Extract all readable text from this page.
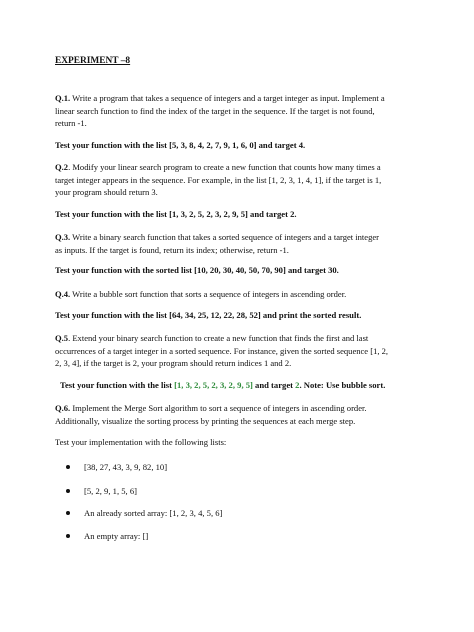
EXPERIMENT –8
Q.1. Write a program that takes a sequence of integers and a target integer as input. Implement a
linear search function to find the index of the target in the sequence. If the target is not found,
return -1.
Test your function with the list [5, 3, 8, 4, 2, 7, 9, 1, 6, 0] and target 4.
Q.2. Modify your linear search program to create a new function that counts how many times a
target integer appears in the sequence. For example, in the list [1, 2, 3, 1, 4, 1], if the target is 1,
your program should return 3.
Test your function with the list [1, 3, 2, 5, 2, 3, 2, 9, 5] and target 2.
Q.3. Write a binary search function that takes a sorted sequence of integers and a target integer
as inputs. If the target is found, return its index; otherwise, return -1.
Test your function with the sorted list [10, 20, 30, 40, 50, 70, 90] and target 30.
Q.4. Write a bubble sort function that sorts a sequence of integers in ascending order.
Test your function with the list [64, 34, 25, 12, 22, 28, 52] and print the sorted result.
Q.5. Extend your binary search function to create a new function that finds the first and last
occurrences of a target integer in a sorted sequence. For instance, given the sorted sequence [1, 2,
2, 3, 4], if the target is 2, your program should return indices 1 and 2.
Test your function with the list [1, 3, 2, 5, 2, 3, 2, 9, 5] and target 2. Note: Use bubble sort.
Q.6. Implement the Merge Sort algorithm to sort a sequence of integers in ascending order.
Additionally, visualize the sorting process by printing the sequences at each merge step.
Test your implementation with the following lists:
[38, 27, 43, 3, 9, 82, 10]
[5, 2, 9, 1, 5, 6]
An already sorted array: [1, 2, 3, 4, 5, 6]
An empty array: []
